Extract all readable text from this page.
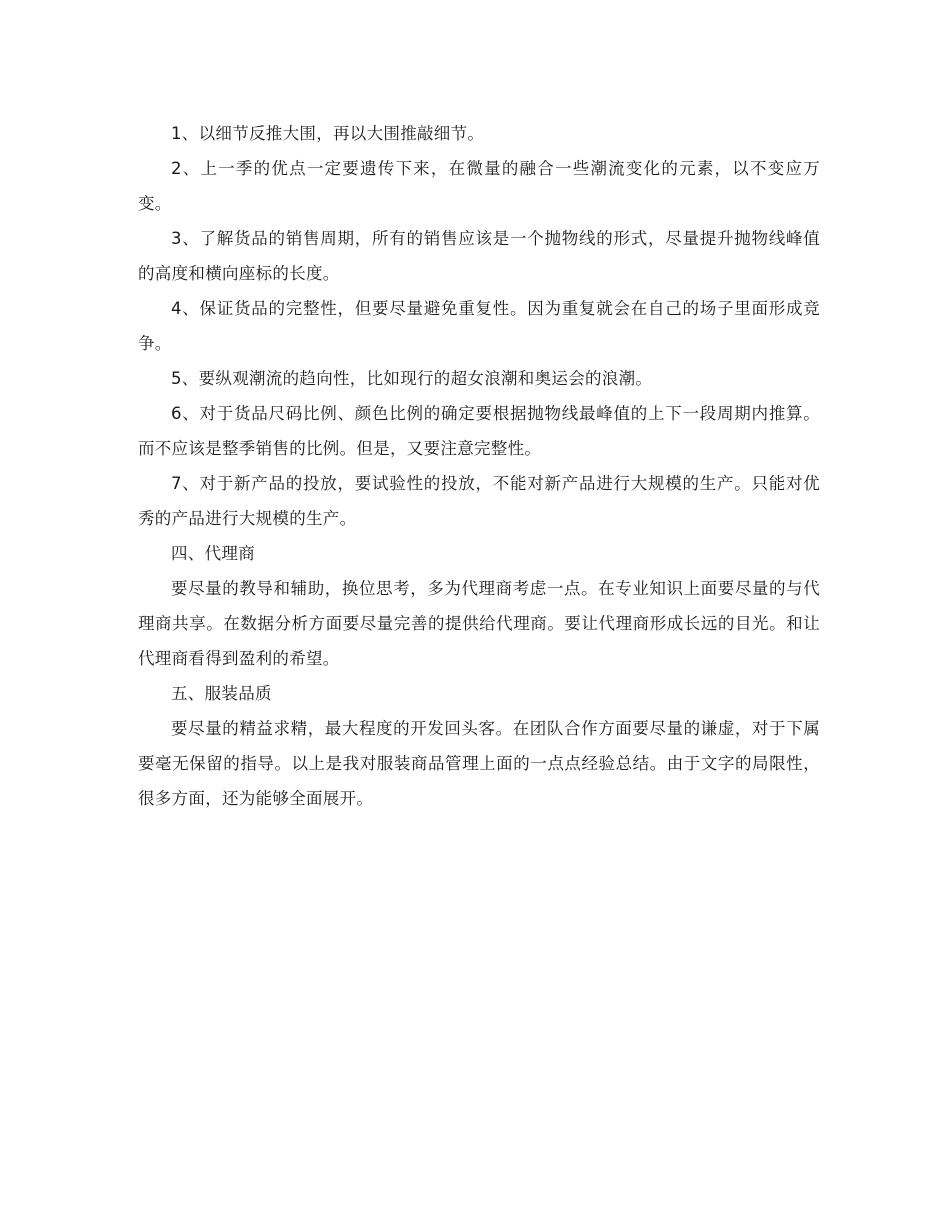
1、以细节反推大围，再以大围推敲细节。

2、上一季的优点一定要遗传下来，在微量的融合一些潮流变化的元素，以不变应万变。

3、了解货品的销售周期，所有的销售应该是一个抛物线的形式，尽量提升抛物线峰值的高度和横向座标的长度。

4、保证货品的完整性，但要尽量避免重复性。因为重复就会在自己的场子里面形成竞争。

5、要纵观潮流的趋向性，比如现行的超女浪潮和奥运会的浪潮。

6、对于货品尺码比例、颜色比例的确定要根据抛物线最峰值的上下一段周期内推算。而不应该是整季销售的比例。但是，又要注意完整性。

7、对于新产品的投放，要试验性的投放，不能对新产品进行大规模的生产。只能对优秀的产品进行大规模的生产。

四、代理商

要尽量的教导和辅助，换位思考，多为代理商考虑一点。在专业知识上面要尽量的与代理商共享。在数据分析方面要尽量完善的提供给代理商。要让代理商形成长远的目光。和让代理商看得到盈利的希望。

五、服装品质

要尽量的精益求精，最大程度的开发回头客。在团队合作方面要尽量的谦虚，对于下属要毫无保留的指导。以上是我对服装商品管理上面的一点点经验总结。由于文字的局限性，很多方面，还为能够全面展开。
